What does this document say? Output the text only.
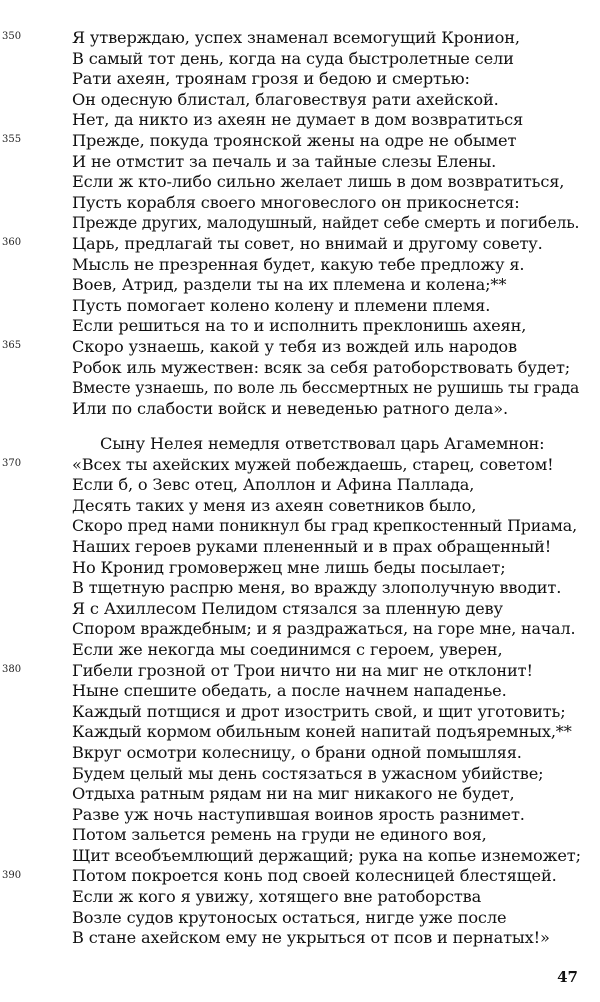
350
355
360
365
370
380
390
Я утверждаю, успех знаменал всемогущий Кронион,
В самый тот день, когда на суда быстролетные сели
Рати ахеян, троянам грозя и бедою и смертью:
Он одесную блистал, благовествуя рати ахейской.
Нет, да никто из ахеян не думает в дом возвратиться
Прежде, покуда троянской жены на одре не обымет
И не отмстит за печаль и за тайные слезы Елены.
Если ж кто-либо сильно желает лишь в дом возвратиться,
Пусть корабля своего многовеслого он прикоснется:
Прежде других, малодушный, найдет себе смерть и погибель.
Царь, предлагай ты совет, но внимай и другому совету.
Мысль не презренная будет, какую тебе предложу я.
Воев, Атрид, раздели ты на их племена и колена;**
Пусть помогает колено колену и племени племя.
Если решиться на то и исполнить преклонишь ахеян,
Скоро узнаешь, какой у тебя из вождей иль народов
Робок иль мужествен: всяк за себя ратоборствовать будет;
Вместе узнаешь, по воле ль бессмертных не рушишь ты града
Или по слабости войск и неведенью ратного дела».
Сыну Нелея немедля ответствовал царь Агамемнон:
«Всех ты ахейских мужей побеждаешь, старец, советом!
Если б, о Зевс отец, Аполлон и Афина Паллада,
Десять таких у меня из ахеян советников было,
Скоро пред нами поникнул бы град крепкостенный Приама,
Наших героев руками плененный и в прах обращенный!
Но Кронид громовержец мне лишь беды посылает;
В тщетную распрю меня, во вражду злополучную вводит.
Я с Ахиллесом Пелидом стязался за пленную деву
Спором враждебным; и я раздражаться, на горе мне, начал.
Если же некогда мы соединимся с героем, уверен,
Гибели грозной от Трои ничто ни на миг не отклонит!
Ныне спешите обедать, а после начнем нападенье.
Каждый потщися и дрот изострить свой, и щит уготовить;
Каждый кормом обильным коней напитай подъяремных,**
Вкруг осмотри колесницу, о брани одной помышляя.
Будем целый мы день состязаться в ужасном убийстве;
Отдыха ратным рядам ни на миг никакого не будет,
Разве уж ночь наступившая воинов ярость разнимет.
Потом зальется ремень на груди не единого воя,
Щит всеобъемлющий держащий; рука на копье изнеможет;
Потом покроется конь под своей колесницей блестящей.
Если ж кого я увижу, хотящего вне ратоборства
Возле судов крутоносых остаться, нигде уже после
В стане ахейском ему не укрыться от псов и пернатых!»
47
